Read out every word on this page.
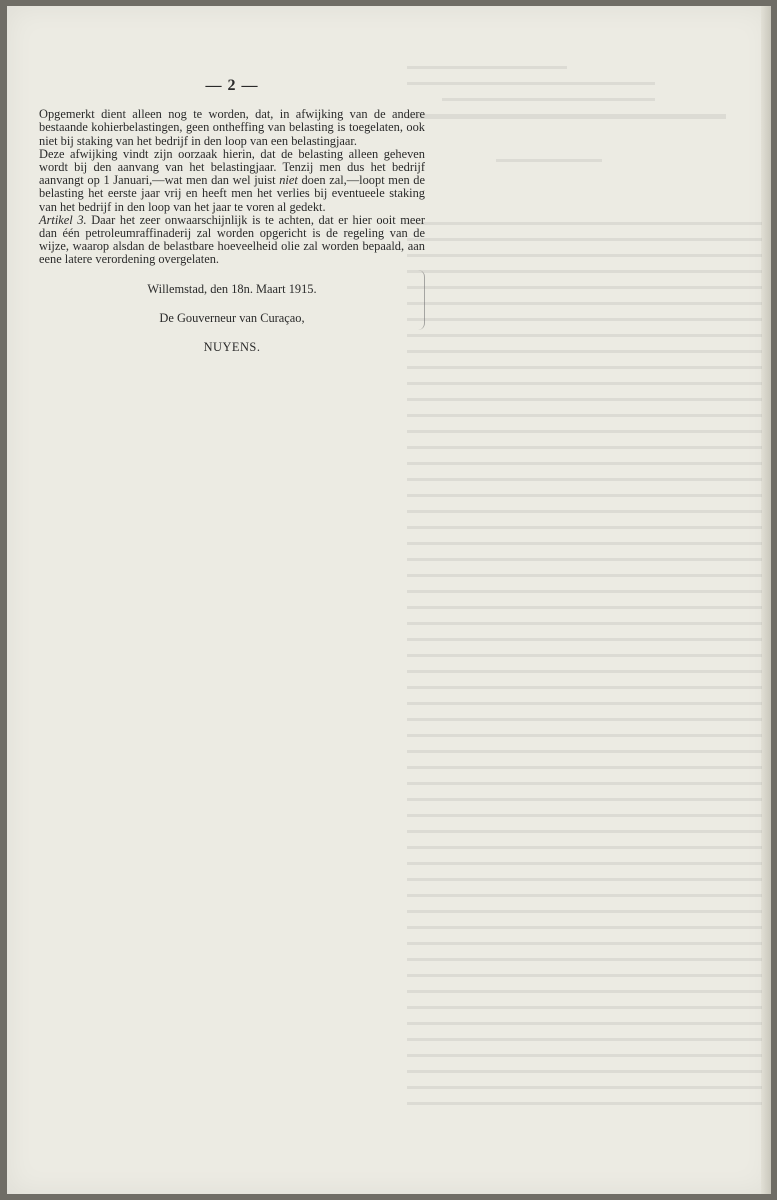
— 2 —

Opgemerkt dient alleen nog te worden, dat, in afwijking van de andere bestaande kohierbelastingen, geen ontheffing van belasting is toegelaten, ook niet bij staking van het bedrijf in den loop van een belastingjaar.

Deze afwijking vindt zijn oorzaak hierin, dat de belasting alleen geheven wordt bij den aanvang van het belastingjaar. Tenzij men dus het bedrijf aanvangt op 1 Januari,—wat men dan wel juist niet doen zal,—loopt men de belasting het eerste jaar vrij en heeft men het verlies bij eventueele staking van het bedrijf in den loop van het jaar te voren al gedekt.

Artikel 3. Daar het zeer onwaarschijnlijk is te achten, dat er hier ooit meer dan één petroleumraffinaderij zal worden opgericht is de regeling van de wijze, waarop alsdan de belastbare hoeveelheid olie zal worden bepaald, aan eene latere verordening overgelaten.

Willemstad, den 18n. Maart 1915.

De Gouverneur van Curaçao,

NUYENS.
